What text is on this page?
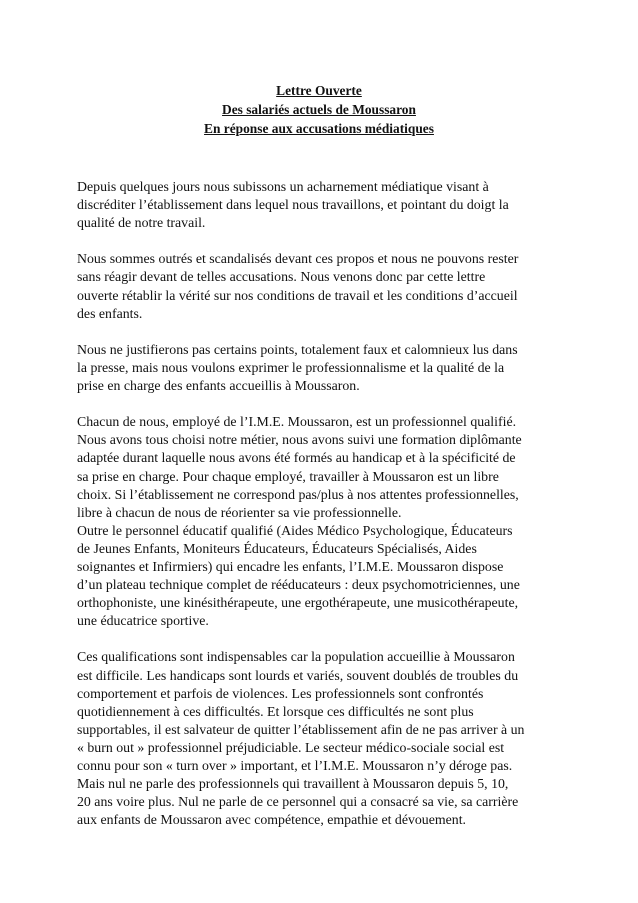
Lettre Ouverte
Des salariés actuels de Moussaron
En réponse aux accusations médiatiques

Depuis quelques jours nous subissons un acharnement médiatique visant à
discréditer l’établissement dans lequel nous travaillons, et pointant du doigt la
qualité de notre travail.

Nous sommes outrés et scandalisés devant ces propos et nous ne pouvons rester
sans réagir devant de telles accusations. Nous venons donc par cette lettre
ouverte rétablir la vérité sur nos conditions de travail et les conditions d’accueil
des enfants.

Nous ne justifierons pas certains points, totalement faux et calomnieux lus dans
la presse, mais nous voulons exprimer le professionnalisme et la qualité de la
prise en charge des enfants accueillis à Moussaron.

Chacun de nous, employé de l’I.M.E. Moussaron, est un professionnel qualifié.
Nous avons tous choisi notre métier, nous avons suivi une formation diplômante
adaptée durant laquelle nous avons été formés au handicap et à la spécificité de
sa prise en charge. Pour chaque employé, travailler à Moussaron est un libre
choix. Si l’établissement ne correspond pas/plus à nos attentes professionnelles,
libre à chacun de nous de réorienter sa vie professionnelle.

Outre le personnel éducatif qualifié (Aides Médico Psychologique, Éducateurs
de Jeunes Enfants, Moniteurs Éducateurs, Éducateurs Spécialisés, Aides
soignantes et Infirmiers) qui encadre les enfants, l’I.M.E. Moussaron dispose
d’un plateau technique complet de rééducateurs : deux psychomotriciennes, une
orthophoniste, une kinésithérapeute, une ergothérapeute, une musicothérapeute,
une éducatrice sportive.

Ces qualifications sont indispensables car la population accueillie à Moussaron
est difficile. Les handicaps sont lourds et variés, souvent doublés de troubles du
comportement et parfois de violences. Les professionnels sont confrontés
quotidiennement à ces difficultés. Et lorsque ces difficultés ne sont plus
supportables, il est salvateur de quitter l’établissement afin de ne pas arriver à un
« burn out » professionnel préjudiciable. Le secteur médico-sociale social est
connu pour son « turn over » important, et l’I.M.E. Moussaron n’y déroge pas.
Mais nul ne parle des professionnels qui travaillent à Moussaron depuis 5, 10,
20 ans voire plus. Nul ne parle de ce personnel qui a consacré sa vie, sa carrière
aux enfants de Moussaron avec compétence, empathie et dévouement.
